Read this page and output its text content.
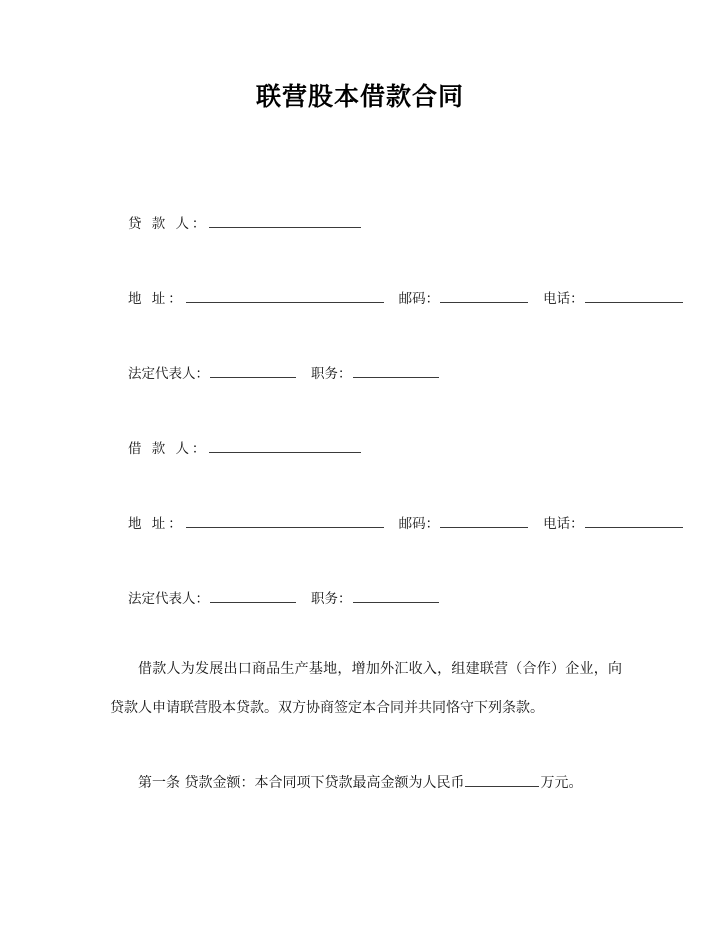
联营股本借款合同
贷 款 人：
地 址：	邮码：	电话：
法定代表人：	职务：
借 款 人：
地 址：	邮码：	电话：
法定代表人：	职务：

借款人为发展出口商品生产基地，增加外汇收入，组建联营（合作）企业，向贷款人申请联营股本贷款。双方协商签定本合同并共同恪守下列条款。

第一条 贷款金额：本合同项下贷款最高金额为人民币	万元。
